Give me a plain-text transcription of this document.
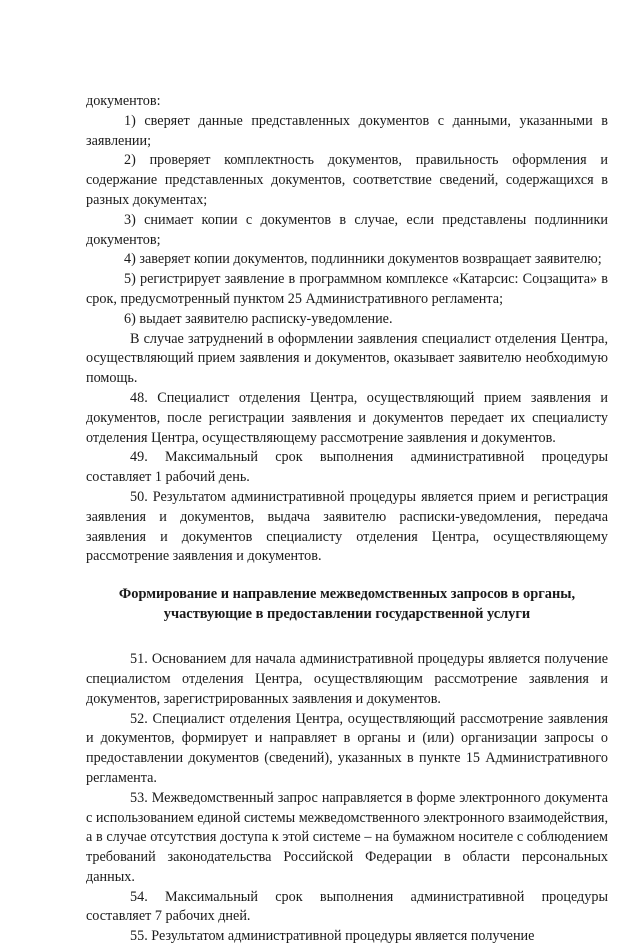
документов:

1) сверяет данные представленных документов с данными, указанными в заявлении;

2) проверяет комплектность документов, правильность оформления и содержание представленных документов, соответствие сведений, содержащихся в разных документах;

3) снимает копии с документов в случае, если представлены подлинники документов;

4) заверяет копии документов, подлинники документов возвращает заявителю;

5) регистрирует заявление в программном комплексе «Катарсис: Соцзащита» в срок, предусмотренный пунктом 25 Административного регламента;

6) выдает заявителю расписку-уведомление.

В случае затруднений в оформлении заявления специалист отделения Центра, осуществляющий прием заявления и документов, оказывает заявителю необходимую помощь.

48. Специалист отделения Центра, осуществляющий прием заявления и документов, после регистрации заявления и документов передает их специалисту отделения Центра, осуществляющему рассмотрение заявления и документов.

49. Максимальный срок выполнения административной процедуры составляет 1 рабочий день.

50. Результатом административной процедуры является прием и регистрация заявления и документов, выдача заявителю расписки-уведомления, передача заявления и документов специалисту отделения Центра, осуществляющему рассмотрение заявления и документов.

Формирование и направление межведомственных запросов в органы,

участвующие в предоставлении государственной услуги

51. Основанием для начала административной процедуры является получение специалистом отделения Центра, осуществляющим рассмотрение заявления и документов, зарегистрированных заявления и документов.

52. Специалист отделения Центра, осуществляющий рассмотрение заявления и документов, формирует и направляет в органы и (или) организации запросы о предоставлении документов (сведений), указанных в пункте 15 Административного регламента.

53. Межведомственный запрос направляется в форме электронного документа с использованием единой системы межведомственного электронного взаимодействия, а в случае отсутствия доступа к этой системе – на бумажном носителе с соблюдением требований законодательства Российской Федерации в области персональных данных.

54. Максимальный срок выполнения административной процедуры составляет 7 рабочих дней.

55. Результатом административной процедуры является получение
